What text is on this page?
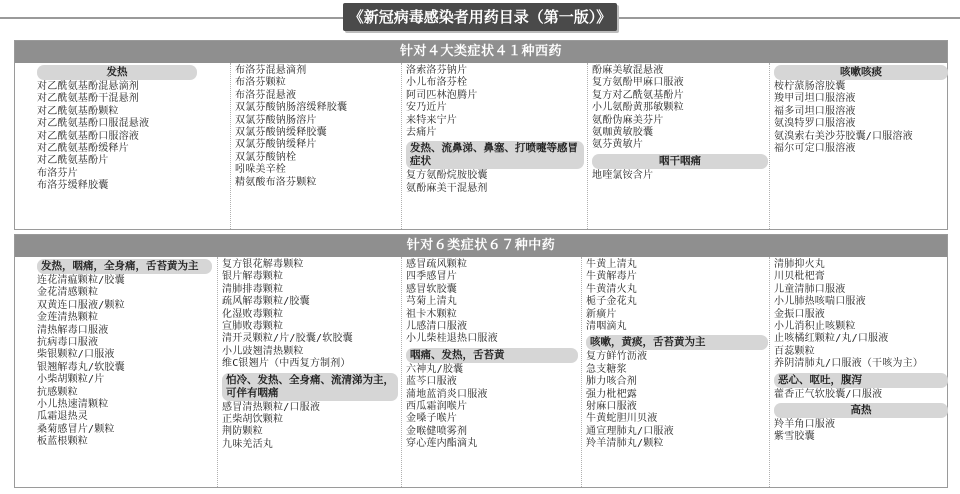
《新冠病毒感染者用药目录（第一版）》
针对４大类症状４１种西药
发热
对乙酰氨基酚混悬滴剂
对乙酰氨基酚干混悬剂
对乙酰氨基酚颗粒
对乙酰氨基酚口服混悬液
对乙酰氨基酚口服溶液
对乙酰氨基酚缓释片
对乙酰氨基酚片
布洛芬片
布洛芬缓释胶囊
布洛芬混悬滴剂
布洛芬颗粒
布洛芬混悬液
双氯芬酸钠肠溶缓释胶囊
双氯芬酸钠肠溶片
双氯芬酸钠缓释胶囊
双氯芬酸钠缓释片
双氯芬酸钠栓
吲哚美辛栓
精氨酸布洛芬颗粒
洛索洛芬钠片
小儿布洛芬栓
阿司匹林泡腾片
安乃近片
来特来宁片
去痛片
发热、流鼻涕、鼻塞、打喷嚏等感冒症状
复方氨酚烷胺胶囊
氨酚麻美干混悬剂
酚麻美敏混悬液
复方氨酚甲麻口服液
复方对乙酰氨基酚片
小儿氨酚黄那敏颗粒
氨酚伪麻美芬片
氨咖黄敏胶囊
氨芬黄敏片
咽干咽痛
地喹氯铵含片
咳嗽咳痰
桉柠蒎肠溶胶囊
羧甲司坦口服溶液
福多司坦口服溶液
氨溴特罗口服溶液
氨溴索右美沙芬胶囊/口服溶液
福尔可定口服溶液
针对６类症状６７种中药
发热，咽痛，全身痛，舌苔黄为主
连花清瘟颗粒/胶囊
金花清感颗粒
双黄连口服液/颗粒
金莲清热颗粒
清热解毒口服液
抗病毒口服液
柴银颗粒/口服液
银翘解毒丸/软胶囊
小柴胡颗粒/片
抗感颗粒
小儿热速清颗粒
瓜霜退热灵
桑菊感冒片/颗粒
板蓝根颗粒
复方银花解毒颗粒
银片解毒颗粒
清肺排毒颗粒
疏风解毒颗粒/胶囊
化湿败毒颗粒
宣肺败毒颗粒
清开灵颗粒/片/胶囊/软胶囊
小儿豉翘清热颗粒
维C银翘片（中西复方制剂）
怕冷、发热、全身痛、流清涕为主，可伴有咽痛
感冒清热颗粒/口服液
正柴胡饮颗粒
荆防颗粒
九味羌活丸
感冒疏风颗粒
四季感冒片
感冒软胶囊
芎菊上清丸
祖卡木颗粒
儿感清口服液
小儿柴桂退热口服液
咽痛、发热，舌苔黄
六神丸/胶囊
蓝芩口服液
蒲地蓝消炎口服液
西瓜霜润喉片
金嗓子喉片
金喉健喷雾剂
穿心莲内酯滴丸
牛黄上清丸
牛黄解毒片
牛黄清火丸
栀子金花丸
新癀片
清咽滴丸
咳嗽，黄痰，舌苔黄为主
复方鲜竹沥液
急支糖浆
肺力咳合剂
强力枇杷露
射麻口服液
牛黄蛇胆川贝液
通宣理肺丸/口服液
羚羊清肺丸/颗粒
清肺抑火丸
川贝枇杷膏
儿童清肺口服液
小儿肺热咳喘口服液
金振口服液
小儿消积止咳颗粒
止咳橘红颗粒/丸/口服液
百蕊颗粒
养阴清肺丸/口服液（干咳为主）
恶心、呕吐，腹泻
藿香正气软胶囊/口服液
高热
羚羊角口服液
紫雪胶囊
